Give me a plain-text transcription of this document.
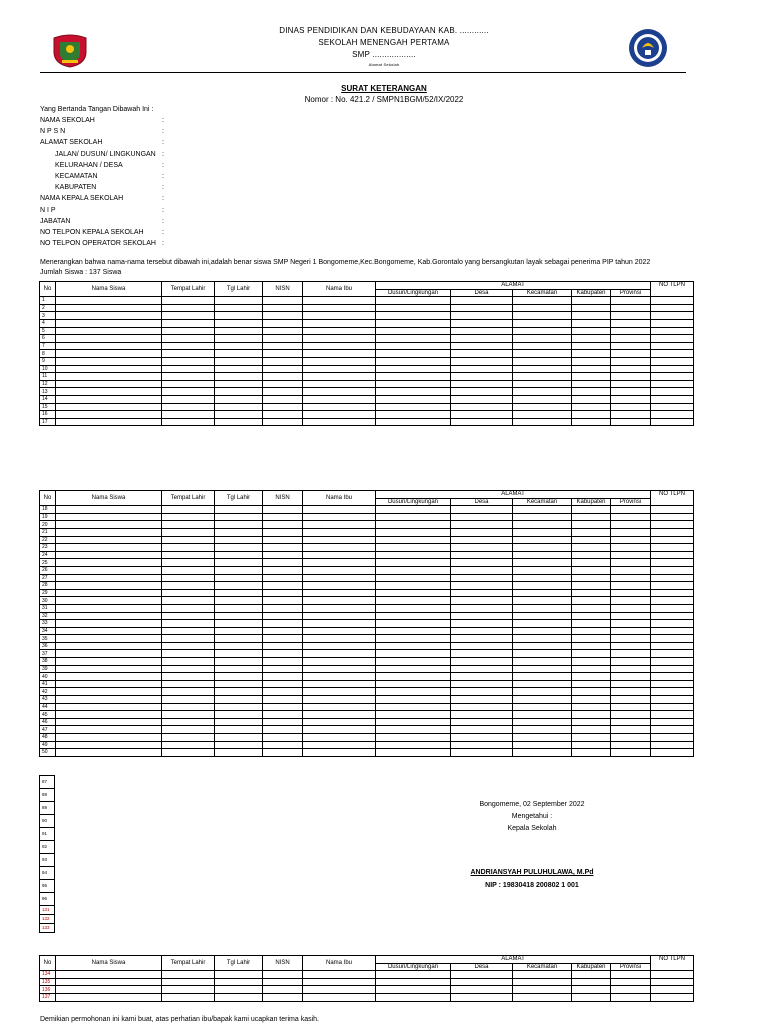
DINAS PENDIDIKAN DAN KEBUDAYAAN KAB. ............
SEKOLAH MENENGAH PERTAMA
SMP ..................
Alamat Sekolah
SURAT KETERANGAN
Nomor : No. 421.2 / SMPN1BGM/52/IX/2022
Yang Bertanda Tangan Dibawah Ini :
NAMA SEKOLAH	:
N P S N	:
ALAMAT SEKOLAH	:
JALAN/ DUSUN/ LINGKUNGAN :
KELURAHAN / DESA	:
KECAMATAN	:
KABUPATEN	:
NAMA KEPALA SEKOLAH	:
N I P	:
JABATAN	:
NO TELPON KEPALA SEKOLAH	:
NO TELPON OPERATOR SEKOLAH :
Menerangkan bahwa nama-nama tersebut dibawah ini,adalah benar siswa SMP Negeri 1 Bongomeme,Kec.Bongomeme, Kab.Gorontalo yang bersangkutan layak sebagai penerima PIP tahun 2022
Jumlah Siswa : 137 Siswa
No	Nama Siswa	Tempat Lahir	Tgl Lahir	NISN	Nama Ibu	ALAMAT					NO TLPN
						Dusun/Lingkungan	Desa	Kecamatan	Kabupaten	Provinsi	
1											
2											
3											
4											
5											
6											
7											
8											
9											
10											
11											
12											
13											
14											
15											
16											
17											
No	Nama Siswa	Tempat Lahir	Tgl Lahir	NISN	Nama Ibu	ALAMAT					NO TLPN
						Dusun/Lingkungan	Desa	Kecamatan	Kabupaten	Provinsi	
18											
19											
20											
21											
22											
23											
24											
25											
26											
27											
28											
29											
30											
31											
32											
33											
34											
35											
36											
37											
38											
39											
40											
41											
42											
43											
44											
45											
46											
47											
48											
49											
50											
87
88
89
90
91
92
93
94
95
96
131
132
133
Bongomeme, 02 September 2022
Mengetahui :
Kepala Sekolah
ANDRIANSYAH PULUHULAWA, M.Pd
NIP : 19830418 200802 1 001
No	Nama Siswa	Tempat Lahir	Tgl Lahir	NISN	Nama Ibu	ALAMAT					NO TLPN
						Dusun/Lingkungan	Desa	Kecamatan	Kabupaten	Provinsi	
134											
135											
136											
137											
Demikian permohonan ini kami buat, atas perhatian ibu/bapak kami ucapkan terima kasih.
